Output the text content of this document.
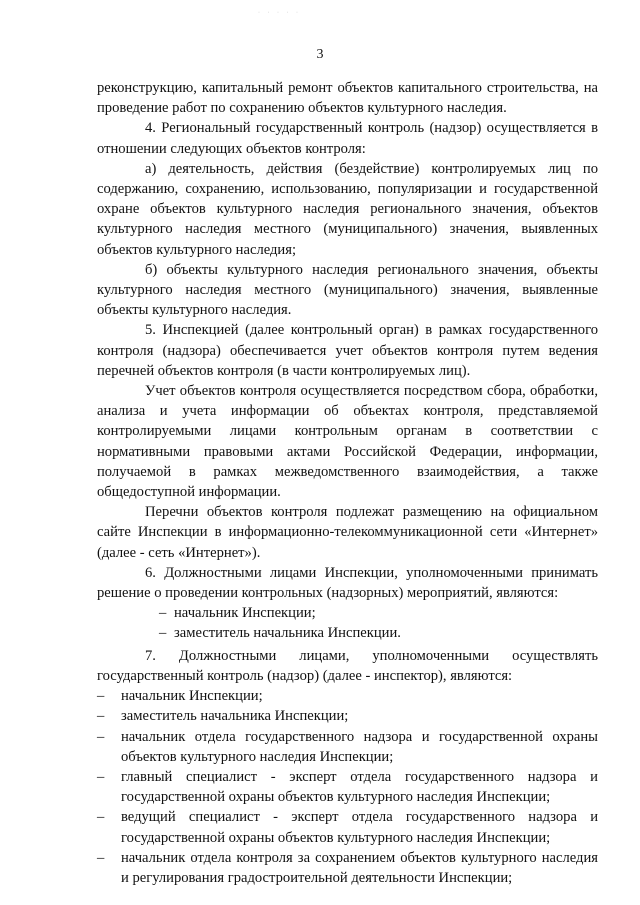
· · · · ·
3

реконструкцию, капитальный ремонт объектов капитального строительства, на проведение работ по сохранению объектов культурного наследия.

4. Региональный государственный контроль (надзор) осуществляется в отношении следующих объектов контроля:

а) деятельность, действия (бездействие) контролируемых лиц по содержанию, сохранению, использованию, популяризации и государственной охране объектов культурного наследия регионального значения, объектов культурного наследия местного (муниципального) значения, выявленных объектов культурного наследия;

б) объекты культурного наследия регионального значения, объекты культурного наследия местного (муниципального) значения, выявленные объекты культурного наследия.

5. Инспекцией (далее контрольный орган) в рамках государственного контроля (надзора) обеспечивается учет объектов контроля путем ведения перечней объектов контроля (в части контролируемых лиц).

Учет объектов контроля осуществляется посредством сбора, обработки, анализа и учета информации об объектах контроля, представляемой контролируемыми лицами контрольным органам в соответствии с нормативными правовыми актами Российской Федерации, информации, получаемой в рамках межведомственного взаимодействия, а также общедоступной информации.

Перечни объектов контроля подлежат размещению на официальном сайте Инспекции в информационно-телекоммуникационной сети «Интернет» (далее - сеть «Интернет»).

6. Должностными лицами Инспекции, уполномоченными принимать решение о проведении контрольных (надзорных) мероприятий, являются:

– начальник Инспекции;

– заместитель начальника Инспекции.

7. Должностными лицами, уполномоченными осуществлять государственный контроль (надзор) (далее - инспектор), являются:

– начальник Инспекции;
– заместитель начальника Инспекции;
– начальник отдела государственного надзора и государственной охраны объектов культурного наследия Инспекции;
– главный специалист - эксперт отдела государственного надзора и государственной охраны объектов культурного наследия Инспекции;
– ведущий специалист - эксперт отдела государственного надзора и государственной охраны объектов культурного наследия Инспекции;
– начальник отдела контроля за сохранением объектов культурного наследия и регулирования градостроительной деятельности Инспекции;
